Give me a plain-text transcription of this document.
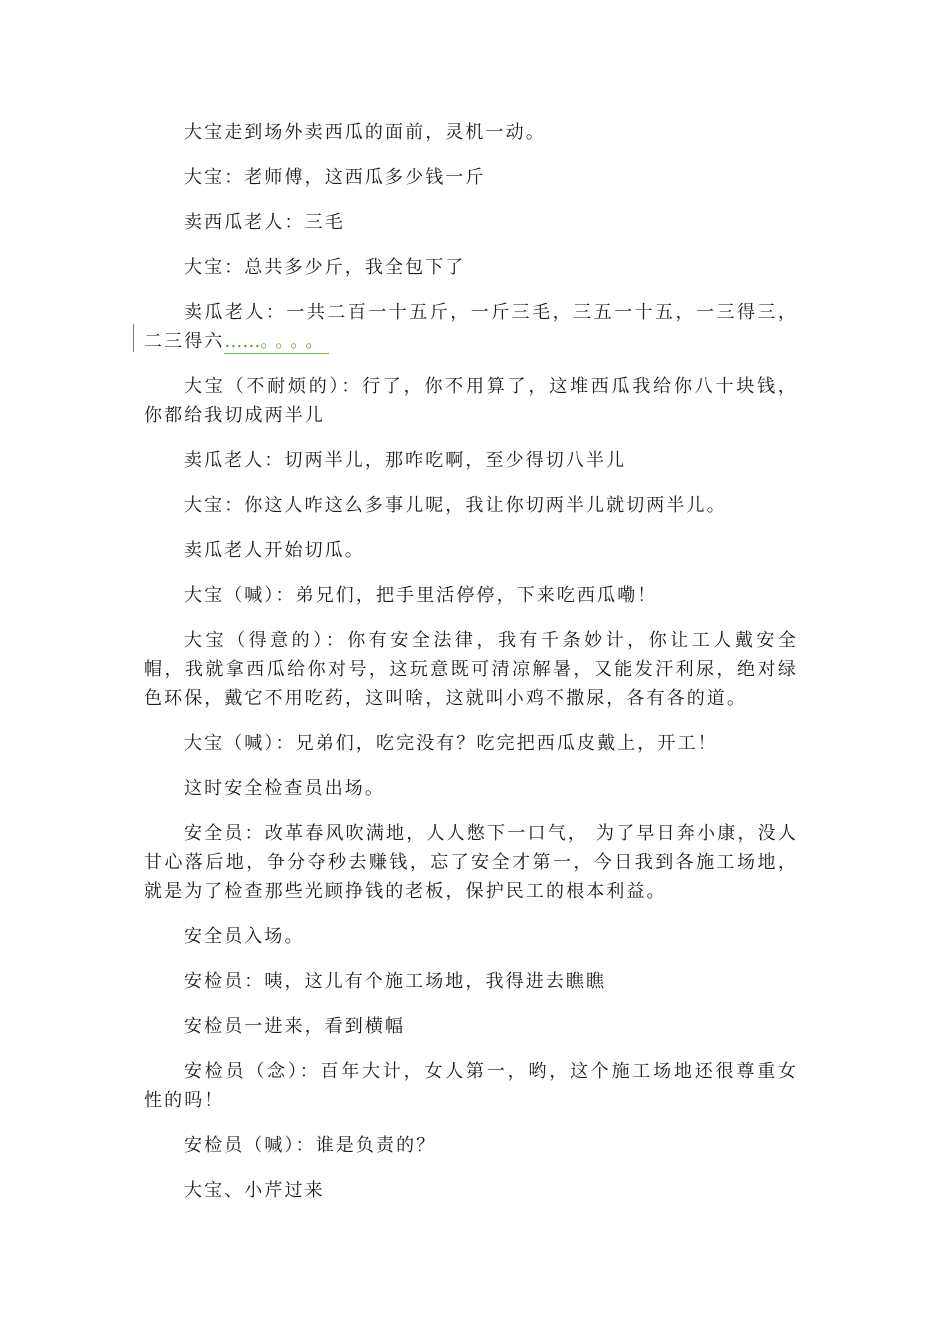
大宝走到场外卖西瓜的面前，灵机一动。

大宝：老师傅，这西瓜多少钱一斤

卖西瓜老人：三毛

大宝：总共多少斤，我全包下了

卖瓜老人：一共二百一十五斤，一斤三毛，三五一十五，一三得三，二三得六……。。。。

大宝（不耐烦的）：行了，你不用算了，这堆西瓜我给你八十块钱，你都给我切成两半儿

卖瓜老人：切两半儿，那咋吃啊，至少得切八半儿

大宝：你这人咋这么多事儿呢，我让你切两半儿就切两半儿。

卖瓜老人开始切瓜。

大宝（喊）：弟兄们，把手里活停停，下来吃西瓜嘞！

大宝（得意的）：你有安全法律，我有千条妙计，你让工人戴安全帽，我就拿西瓜给你对号，这玩意既可清凉解暑，又能发汗利尿，绝对绿色环保，戴它不用吃药，这叫啥，这就叫小鸡不撒尿，各有各的道。

大宝（喊）：兄弟们，吃完没有？吃完把西瓜皮戴上，开工！

这时安全检查员出场。

安全员：改革春风吹满地，人人憋下一口气， 为了早日奔小康，没人甘心落后地，争分夺秒去赚钱，忘了安全才第一，今日我到各施工场地，就是为了检查那些光顾挣钱的老板，保护民工的根本利益。

安全员入场。

安检员：咦，这儿有个施工场地，我得进去瞧瞧

安检员一进来，看到横幅

安检员（念）：百年大计，女人第一，哟，这个施工场地还很尊重女性的吗！

安检员（喊）：谁是负责的？

大宝、小芹过来
